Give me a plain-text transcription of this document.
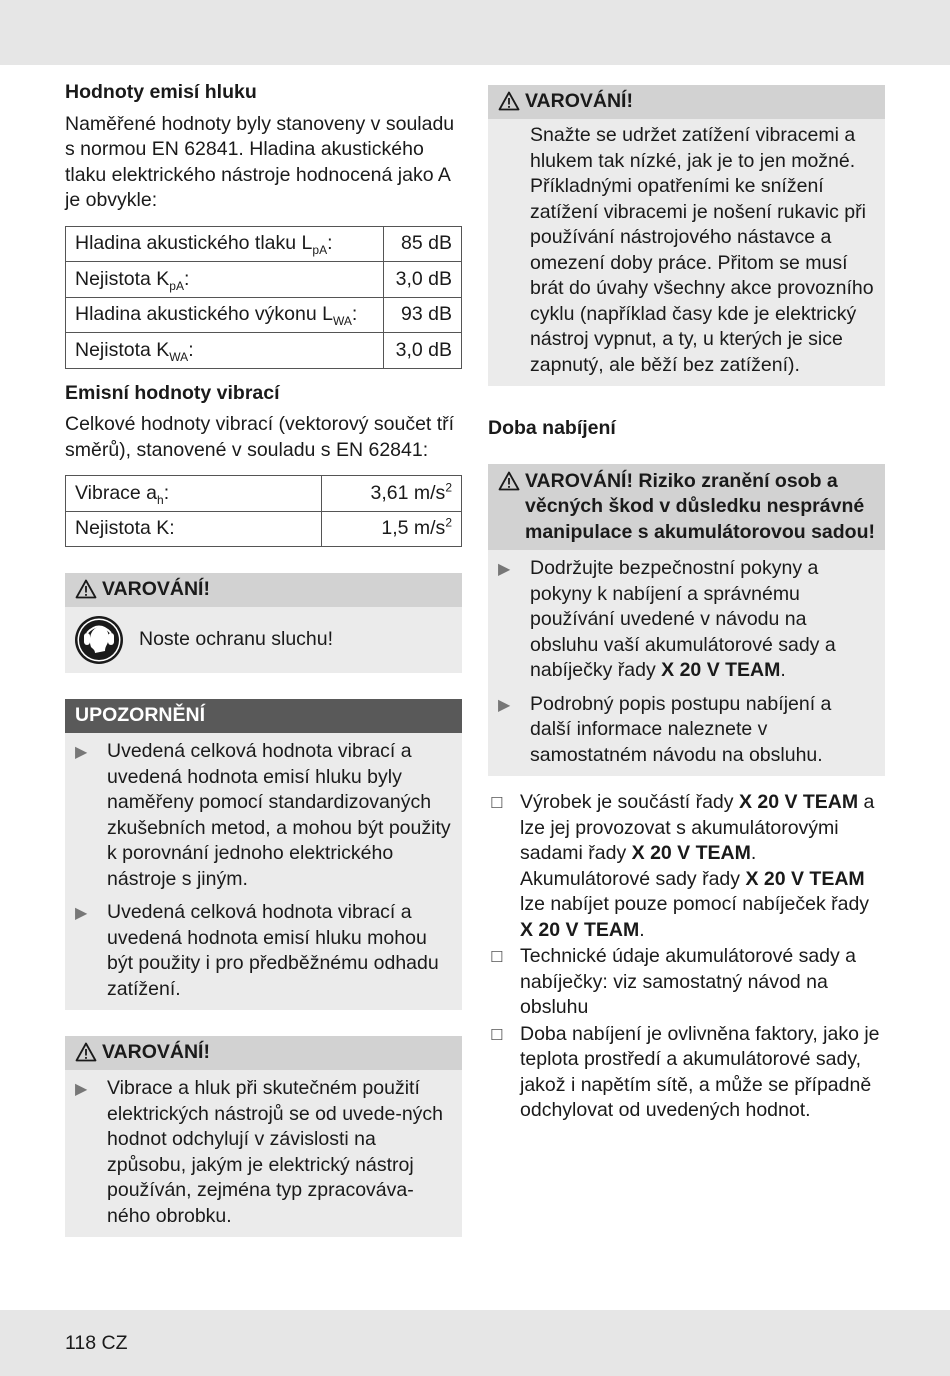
Hodnoty emisí hluku

Naměřené hodnoty byly stanoveny v souladu s normou EN 62841. Hladina akustického tlaku elektrického nástroje hodnocená jako A je obvykle:

Hladina akustického tlaku $L_{pA}$:	85 dB
Nejistota $K_{pA}$:	3,0 dB
Hladina akustického výkonu $L_{WA}$:	93 dB
Nejistota $K_{WA}$:	3,0 dB
Emisní hodnoty vibrací

Celkové hodnoty vibrací (vektorový součet tří směrů), stanovené v souladu s EN 62841:

Vibrace $a_h$:	3,61 $m/s^2$
Nejistota K:	1,5 $m/s^2$
VAROVÁNÍ!
Noste ochranu sluchu!
UPOZORNĚNÍ
▶	Uvedená celková hodnota vibrací a uvedená hodnota emisí hluku byly naměřeny pomocí standardizovaných zkušebních metod, a mohou být použity k porovnání jednoho elektrického nástroje s jiným.
▶	Uvedená celková hodnota vibrací a uvedená hodnota emisí hluku mohou být použity i pro předběžnému odhadu zatížení.
VAROVÁNÍ!
▶	Vibrace a hluk při skutečném použití elektrických nástrojů se od uvede-ných hodnot odchylují v závislosti na způsobu, jakým je elektrický nástroj používán, zejména typ zpracováva-ného obrobku.
VAROVÁNÍ!

Snažte se udržet zatížení vibracemi a hlukem tak nízké, jak je to jen možné. Příkladnými opatřeními ke snížení zatížení vibracemi je nošení rukavic při používání nástrojového nástavce a omezení doby práce. Přitom se musí brát do úvahy všechny akce provozního cyklu (například časy kde je elektrický nástroj vypnut, a ty, u kterých je sice zapnutý, ale běží bez zatížení).

Doba nabíjení
VAROVÁNÍ! Riziko zranění osob a věcných škod v důsledku nesprávné manipulace s akumulátorovou sadou!
▶	Dodržujte bezpečnostní pokyny a pokyny k nabíjení a správnému používání uvedené v návodu na obsluhu vaší akumulátorové sady a nabíječky řady X 20 V TEAM.
▶	Podrobný popis postupu nabíjení a další informace naleznete v samostatném návodu na obsluhu.
☐ Výrobek je součástí řady X 20 V TEAM a lze jej provozovat s akumulátorovými sadami řady X 20 V TEAM. Akumulátorové sady řady X 20 V TEAM lze nabíjet pouze pomocí nabíječek řady X 20 V TEAM.
☐ Technické údaje akumulátorové sady a nabíječky: viz samostatný návod na obsluhu
☐ Doba nabíjení je ovlivněna faktory, jako je teplota prostředí a akumulátorové sady, jakož i napětím sítě, a může se případně odchylovat od uvedených hodnot.
118 CZ
